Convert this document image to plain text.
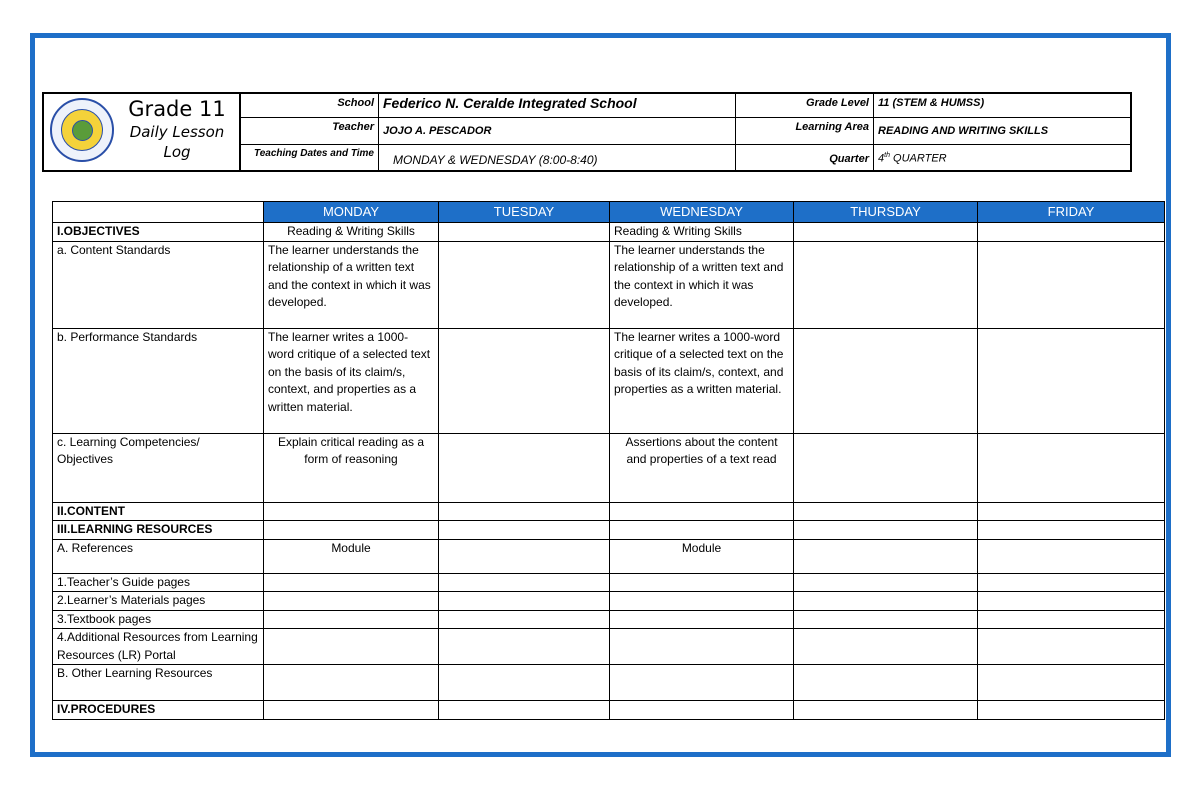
Grade 11
Daily Lesson
Log
School Federico N. Ceralde Integrated School	Grade Level 11 (STEM & HUMSS)
Teacher JOJO A. PESCADOR	Learning Area READING AND WRITING SKILLS
Teaching Dates and Time	MONDAY & WEDNESDAY (8:00-8:40)	Quarter 4th QUARTER
	MONDAY	TUESDAY	WEDNESDAY	THURSDAY	FRIDAY
I.OBJECTIVES	Reading & Writing Skills		Reading & Writing Skills		
a. Content Standards	The learner understands the relationship of a written text and the context in which it was developed.		The learner understands the relationship of a written text and the context in which it was developed.		
b. Performance Standards	The learner writes a 1000-word critique of a selected text on the basis of its claim/s, context, and properties as a written material.		The learner writes a 1000-word critique of a selected text on the basis of its claim/s, context, and properties as a written material.		
c. Learning Competencies/ Objectives	Explain critical reading as a form of reasoning		Assertions about the content and properties of a text read		
II.CONTENT					
III.LEARNING RESOURCES					
A. References	Module		Module		
1.Teacher’s Guide pages					
2.Learner’s Materials pages					
3.Textbook pages					
4.Additional Resources from Learning Resources (LR) Portal					
B. Other Learning Resources					
IV.PROCEDURES					
